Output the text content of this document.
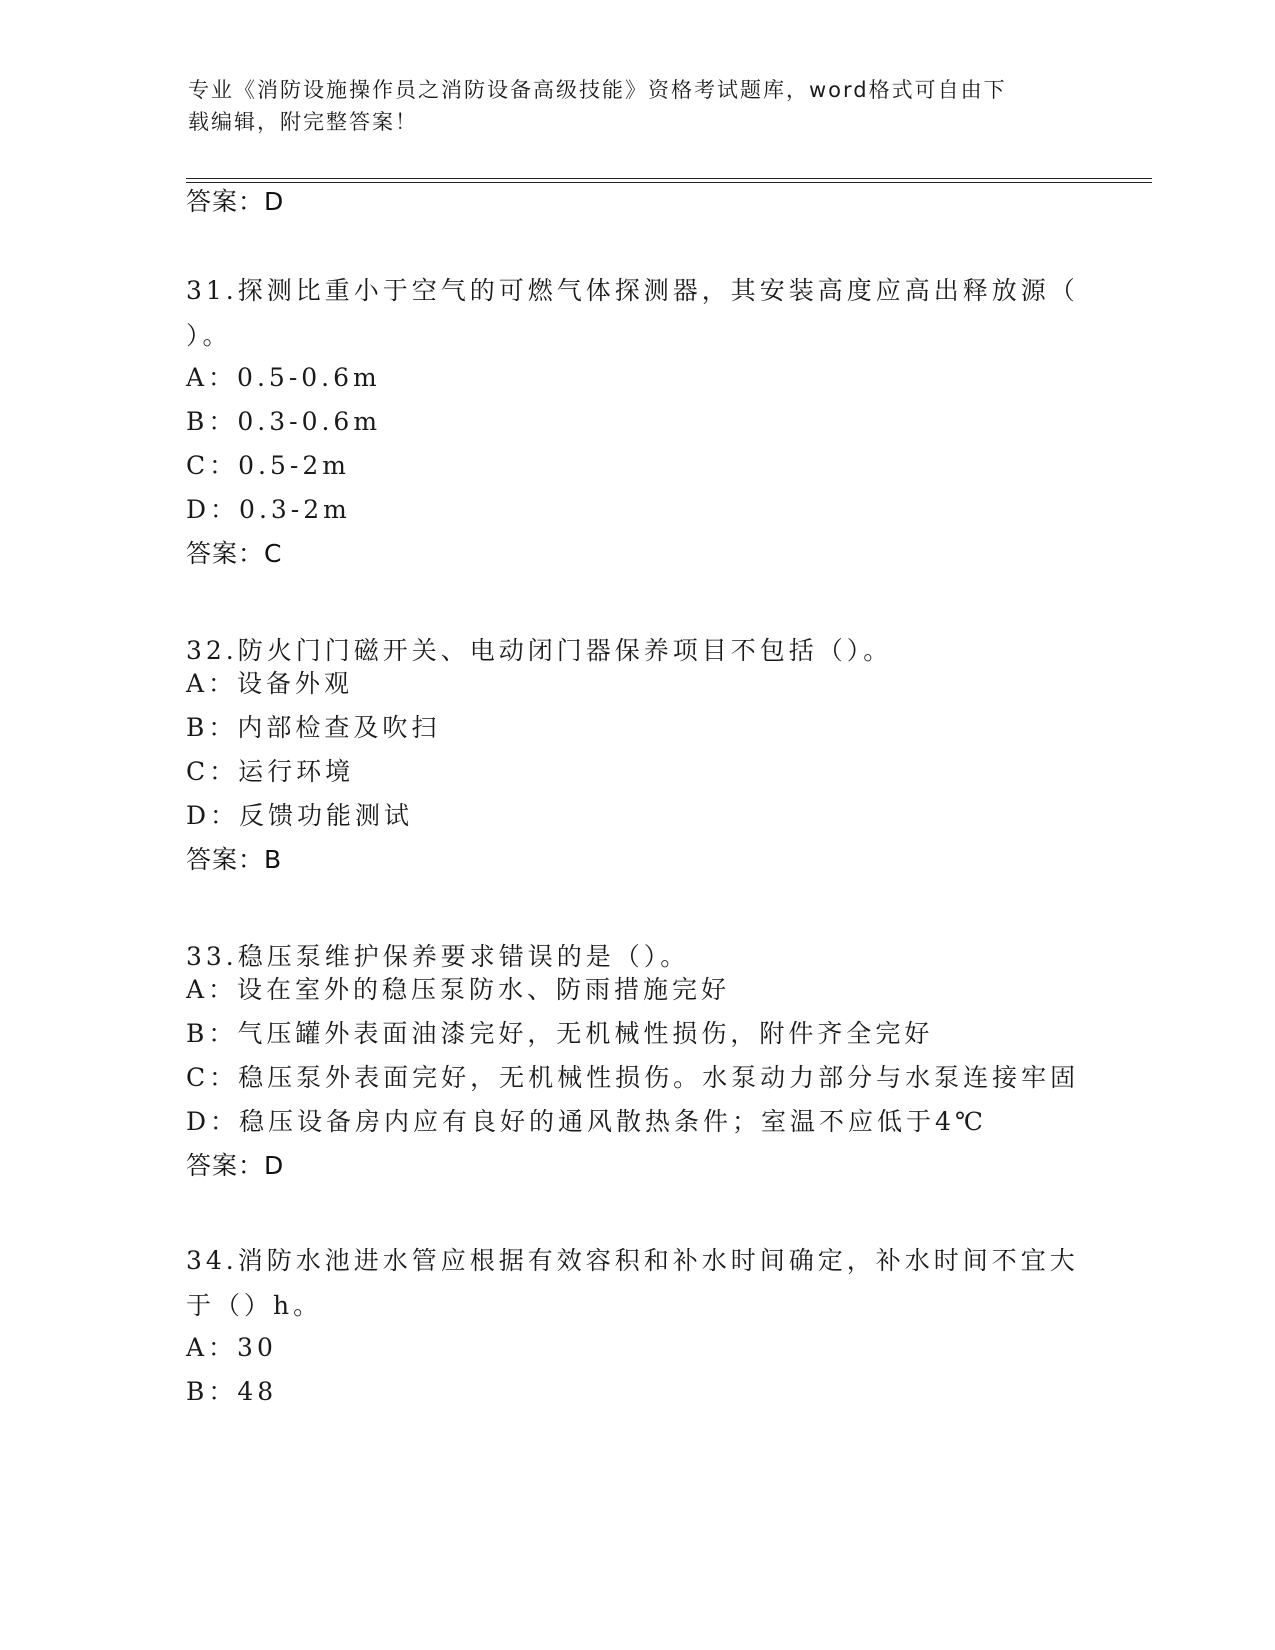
专业《消防设施操作员之消防设备高级技能》资格考试题库，word格式可自由下
载编辑，附完整答案！
答案：D
31.探测比重小于空气的可燃气体探测器，其安装高度应高出释放源（
）。
A：0.5-0.6m
B：0.3-0.6m
C：0.5-2m
D：0.3-2m
答案：C
32.防火门门磁开关、电动闭门器保养项目不包括（）。
A：设备外观
B：内部检查及吹扫
C：运行环境
D：反馈功能测试
答案：B
33.稳压泵维护保养要求错误的是（）。
A：设在室外的稳压泵防水、防雨措施完好
B：气压罐外表面油漆完好，无机械性损伤，附件齐全完好
C：稳压泵外表面完好，无机械性损伤。水泵动力部分与水泵连接牢固
D：稳压设备房内应有良好的通风散热条件；室温不应低于4℃
答案：D
34.消防水池进水管应根据有效容积和补水时间确定，补水时间不宜大
于（）h。
A：30
B：48
